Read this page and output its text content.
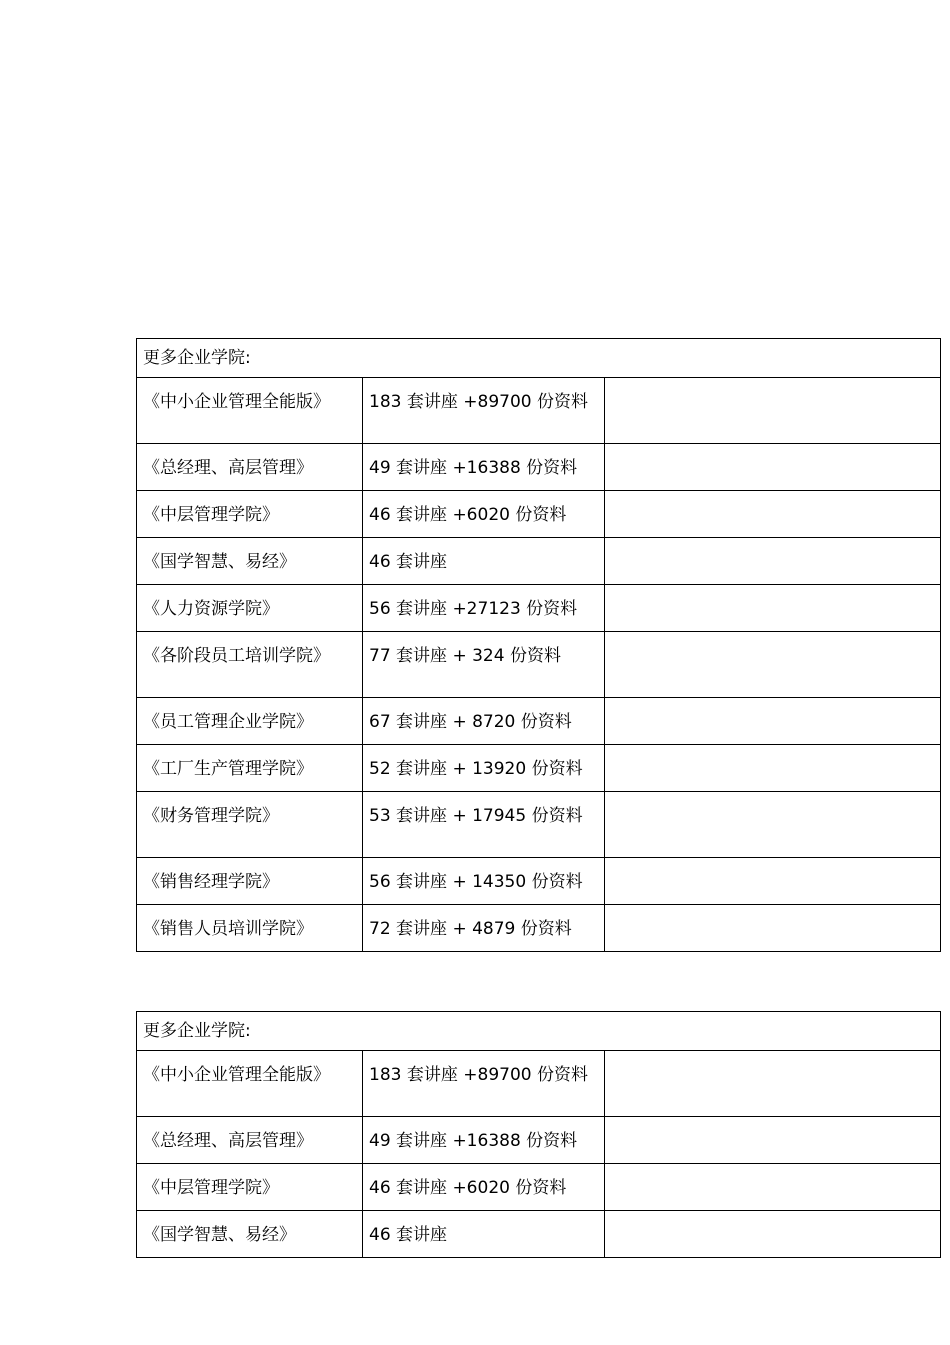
更多企业学院:		
《中小企业管理全能版》	183 套讲座 +89700 份资料	
《总经理、高层管理》	49 套讲座 +16388 份资料	
《中层管理学院》	46 套讲座 +6020 份资料	
《国学智慧、易经》	46 套讲座	
《人力资源学院》	56 套讲座 +27123 份资料	
《各阶段员工培训学院》	77 套讲座 + 324 份资料	
《员工管理企业学院》	67 套讲座 + 8720 份资料	
《工厂生产管理学院》	52 套讲座 + 13920 份资料	
《财务管理学院》	53 套讲座 + 17945 份资料	
《销售经理学院》	56 套讲座 + 14350 份资料	
《销售人员培训学院》	72 套讲座 + 4879 份资料	
更多企业学院:		
《中小企业管理全能版》	183 套讲座 +89700 份资料	
《总经理、高层管理》	49 套讲座 +16388 份资料	
《中层管理学院》	46 套讲座 +6020 份资料	
《国学智慧、易经》	46 套讲座	
